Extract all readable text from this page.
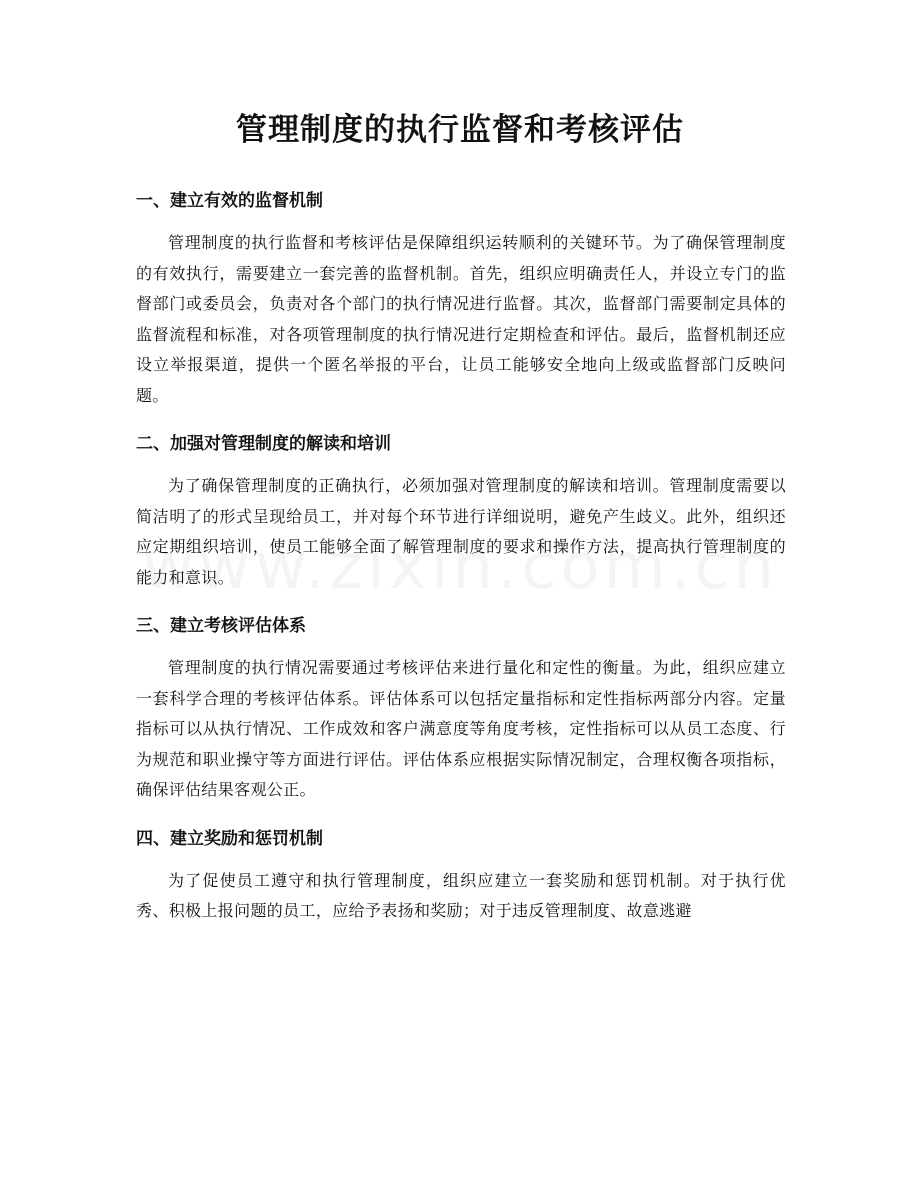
管理制度的执行监督和考核评估
一、建立有效的监督机制

管理制度的执行监督和考核评估是保障组织运转顺利的关键环节。为了确保管理制度的有效执行，需要建立一套完善的监督机制。首先，组织应明确责任人，并设立专门的监督部门或委员会，负责对各个部门的执行情况进行监督。其次，监督部门需要制定具体的监督流程和标准，对各项管理制度的执行情况进行定期检查和评估。最后，监督机制还应设立举报渠道，提供一个匿名举报的平台，让员工能够安全地向上级或监督部门反映问题。

二、加强对管理制度的解读和培训

为了确保管理制度的正确执行，必须加强对管理制度的解读和培训。管理制度需要以简洁明了的形式呈现给员工，并对每个环节进行详细说明，避免产生歧义。此外，组织还应定期组织培训，使员工能够全面了解管理制度的要求和操作方法，提高执行管理制度的能力和意识。

三、建立考核评估体系

管理制度的执行情况需要通过考核评估来进行量化和定性的衡量。为此，组织应建立一套科学合理的考核评估体系。评估体系可以包括定量指标和定性指标两部分内容。定量指标可以从执行情况、工作成效和客户满意度等角度考核，定性指标可以从员工态度、行为规范和职业操守等方面进行评估。评估体系应根据实际情况制定，合理权衡各项指标，确保评估结果客观公正。

四、建立奖励和惩罚机制

为了促使员工遵守和执行管理制度，组织应建立一套奖励和惩罚机制。对于执行优秀、积极上报问题的员工，应给予表扬和奖励；对于违反管理制度、故意逃避
